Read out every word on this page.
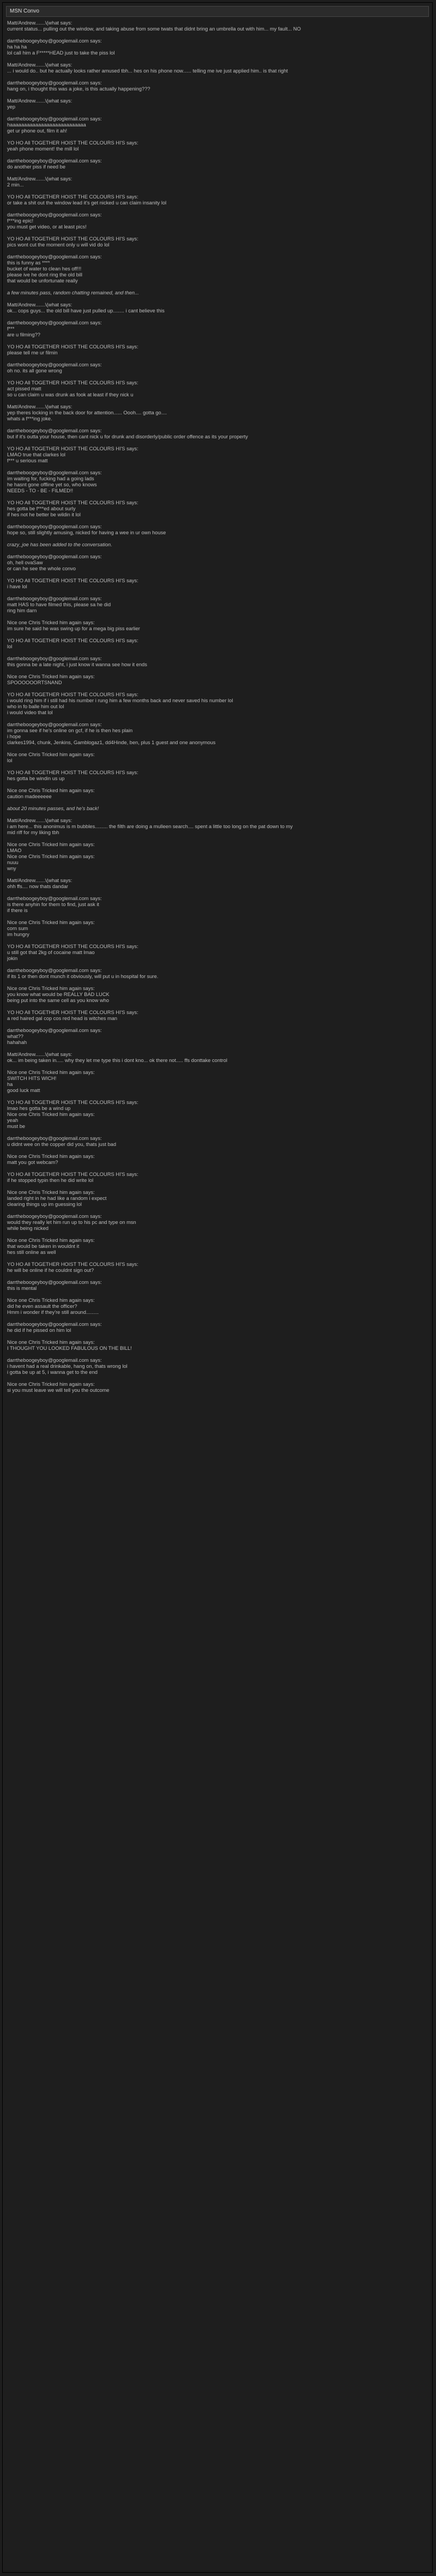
MSN Convo
Matt/Andrew.......\(what says:
current status... pulling out the window, and taking abuse from some twats that didnt bring an umbrella out with him... my fault... NO
darrtheboogeyboy@googlemail.com says:
ha ha ha
lol call him a F*****HEAD just to take the piss lol
Matt/Andrew.......\(what says:
... i would do.. but he actually looks rather amused tbh... hes on his phone now...... telling me ive just applied him.. is that right
darrtheboogeyboy@googlemail.com says:
hang on, i thought this was a joke, is this actually happening???
Matt/Andrew.......\(what says:
yep
darrtheboogeyboy@googlemail.com says:
haaaaaaaaaaaaaaaaaaaaaaaaaaa
get ur phone out, film it ah!
YO HO All TOGETHER HOIST THE COLOURS HI'S says:
yeah phone moment! the mill lol
darrtheboogeyboy@googlemail.com says:
do another piss if need be
Matt/Andrew.......\(what says:
2 min...
YO HO All TOGETHER HOIST THE COLOURS HI'S says:
or take a shit out the window lead it's get nicked u can claim insanity lol
darrtheboogeyboy@googlemail.com says:
f***ing epic!
you must get video, or at least pics!
YO HO All TOGETHER HOIST THE COLOURS HI'S says:
pics wont cut the moment only u will vid do lol
darrtheboogeyboy@googlemail.com says:
this is funny as ****
bucket of water to clean hes off!!!
please ive he dont ring the old bill
that would be unfortunate really
a few minutes pass, random chatting remained, and then...
Matt/Andrew.......\(what says:
ok... cops guys... the old bill have just pulled up........ i cant believe this
darrtheboogeyboy@googlemail.com says:
f***
are u filming??
YO HO All TOGETHER HOIST THE COLOURS HI'S says:
please tell me ur filmin
darrtheboogeyboy@googlemail.com says:
oh no. its all gone wrong
YO HO All TOGETHER HOIST THE COLOURS HI'S says:
act pissed matt
so u can claim u was drunk as fook at least if they nick u
Matt/Andrew.......\(what says:
yep theres locking in the back door for attention...... Oooh.... gotta go....
whats a f***ing joke.
darrtheboogeyboy@googlemail.com says:
but if it's outta your house, then cant nick u for drunk and disorderly/public order offence as its your property
YO HO All TOGETHER HOIST THE COLOURS HI'S says:
LMAO true that clarkes lol
f*** u serious matt
darrtheboogeyboy@googlemail.com says:
im waiting for, fucking had a going lads
he hasnt gone offline yet so, who knows
NEEDS - TO - BE - FILMED!!
YO HO All TOGETHER HOIST THE COLOURS HI'S says:
hes gotta be f***ed about surly
if hes not he better be wildin it lol
darrtheboogeyboy@googlemail.com says:
hope so, still slightly amusing, nicked for having a wee in ur own house
crazy_joe has been added to the conversation.
darrtheboogeyboy@googlemail.com says:
oh, hell ovaSaw
or can he see the whole convo
YO HO All TOGETHER HOIST THE COLOURS HI'S says:
i have lol
darrtheboogeyboy@googlemail.com says:
matt HAS to have filmed this, please sa he did
ring him darn
Nice one Chris Tricked him again says:
im sure he said he was swing up for a mega big piss earlier
YO HO All TOGETHER HOIST THE COLOURS HI'S says:
lol
darrtheboogeyboy@googlemail.com says:
this gonna be a late night, i just know it wanna see how it ends
Nice one Chris Tricked him again says:
SPOOOOOORTSNAND
YO HO All TOGETHER HOIST THE COLOURS HI'S says:
i would ring him if i still had his number i rung him a few months back and never saved his number lol
who in fo balle him out lol
i would video that lol
darrtheboogeyboy@googlemail.com says:
im gonna see if he's online on gcf, if he is then hes plain
i hope
clarkes1994, chunk, Jenkins, Gamblogaz1, dd4Hinde, ben, plus 1 guest and one anonymous
Nice one Chris Tricked him again says:
lol
YO HO All TOGETHER HOIST THE COLOURS HI'S says:
hes gotta be windin us up
Nice one Chris Tricked him again says:
caution madeeeeee
about 20 minutes passes, and he's back!
Matt/Andrew.......\(what says:
i am here... this anonimus is m bubbles......... the filth are doing a mulleen search.... spent a little too long on the pat down to my
mid riff for my liking tbh
Nice one Chris Tricked him again says:
LMAO
Nice one Chris Tricked him again says:
nuuu
wny
Matt/Andrew.......\(what says:
ohh ffs.... now thats dandar
darrtheboogeyboy@googlemail.com says:
is there anyhin for them to find, just ask it
if there is
Nice one Chris Tricked him again says:
corn sum
im hungry
YO HO All TOGETHER HOIST THE COLOURS HI'S says:
u still got that 2kg of cocaine matt lmao
jokin
darrtheboogeyboy@googlemail.com says:
if its 1 or then dont munch it obviously, will put u in hospital for sure.
Nice one Chris Tricked him again says:
you know what would be REALLY BAD LUCK
being put into the same cell as you know who
YO HO All TOGETHER HOIST THE COLOURS HI'S says:
a red haired gal cop cos red head is witches man
darrtheboogeyboy@googlemail.com says:
what??
hahahah
Matt/Andrew.......\(what says:
ok... im being taken in..... why they let me type this i dont kno... ok there not..... ffs donttake control
Nice one Chris Tricked him again says:
SWITCH HITS WICH!
ha
good luck matt
YO HO All TOGETHER HOIST THE COLOURS HI'S says:
lmao hes gotta be a wind up
Nice one Chris Tricked him again says:
yeah
must be
darrtheboogeyboy@googlemail.com says:
u didnt wee on the copper did you, thats just bad
Nice one Chris Tricked him again says:
matt you got webcam?
YO HO All TOGETHER HOIST THE COLOURS HI'S says:
if he stopped typin then he did write lol
Nice one Chris Tricked him again says:
landed right in he had like a random i expect
clearing things up im guessing lol
darrtheboogeyboy@googlemail.com says:
would they really let him run up to his pc and type on msn
while being nicked
Nice one Chris Tricked him again says:
that would be taken in wouldnt it
hes still online as well
YO HO All TOGETHER HOIST THE COLOURS HI'S says:
he will be online if he couldnt sign out?
darrtheboogeyboy@googlemail.com says:
this is mental
Nice one Chris Tricked him again says:
did he even assault the officer?
Hmm i wonder if they're still around.........
darrtheboogeyboy@googlemail.com says:
he did if he pissed on him lol
Nice one Chris Tricked him again says:
I THOUGHT YOU LOOKED FABULOUS ON THE BILL!
darrtheboogeyboy@googlemail.com says:
i havent had a real drinkable, hang on, thats wrong lol
i gotta be up at 5, i wanna get to the end
Nice one Chris Tricked him again says:
si you must leave we will tell you the outcome
